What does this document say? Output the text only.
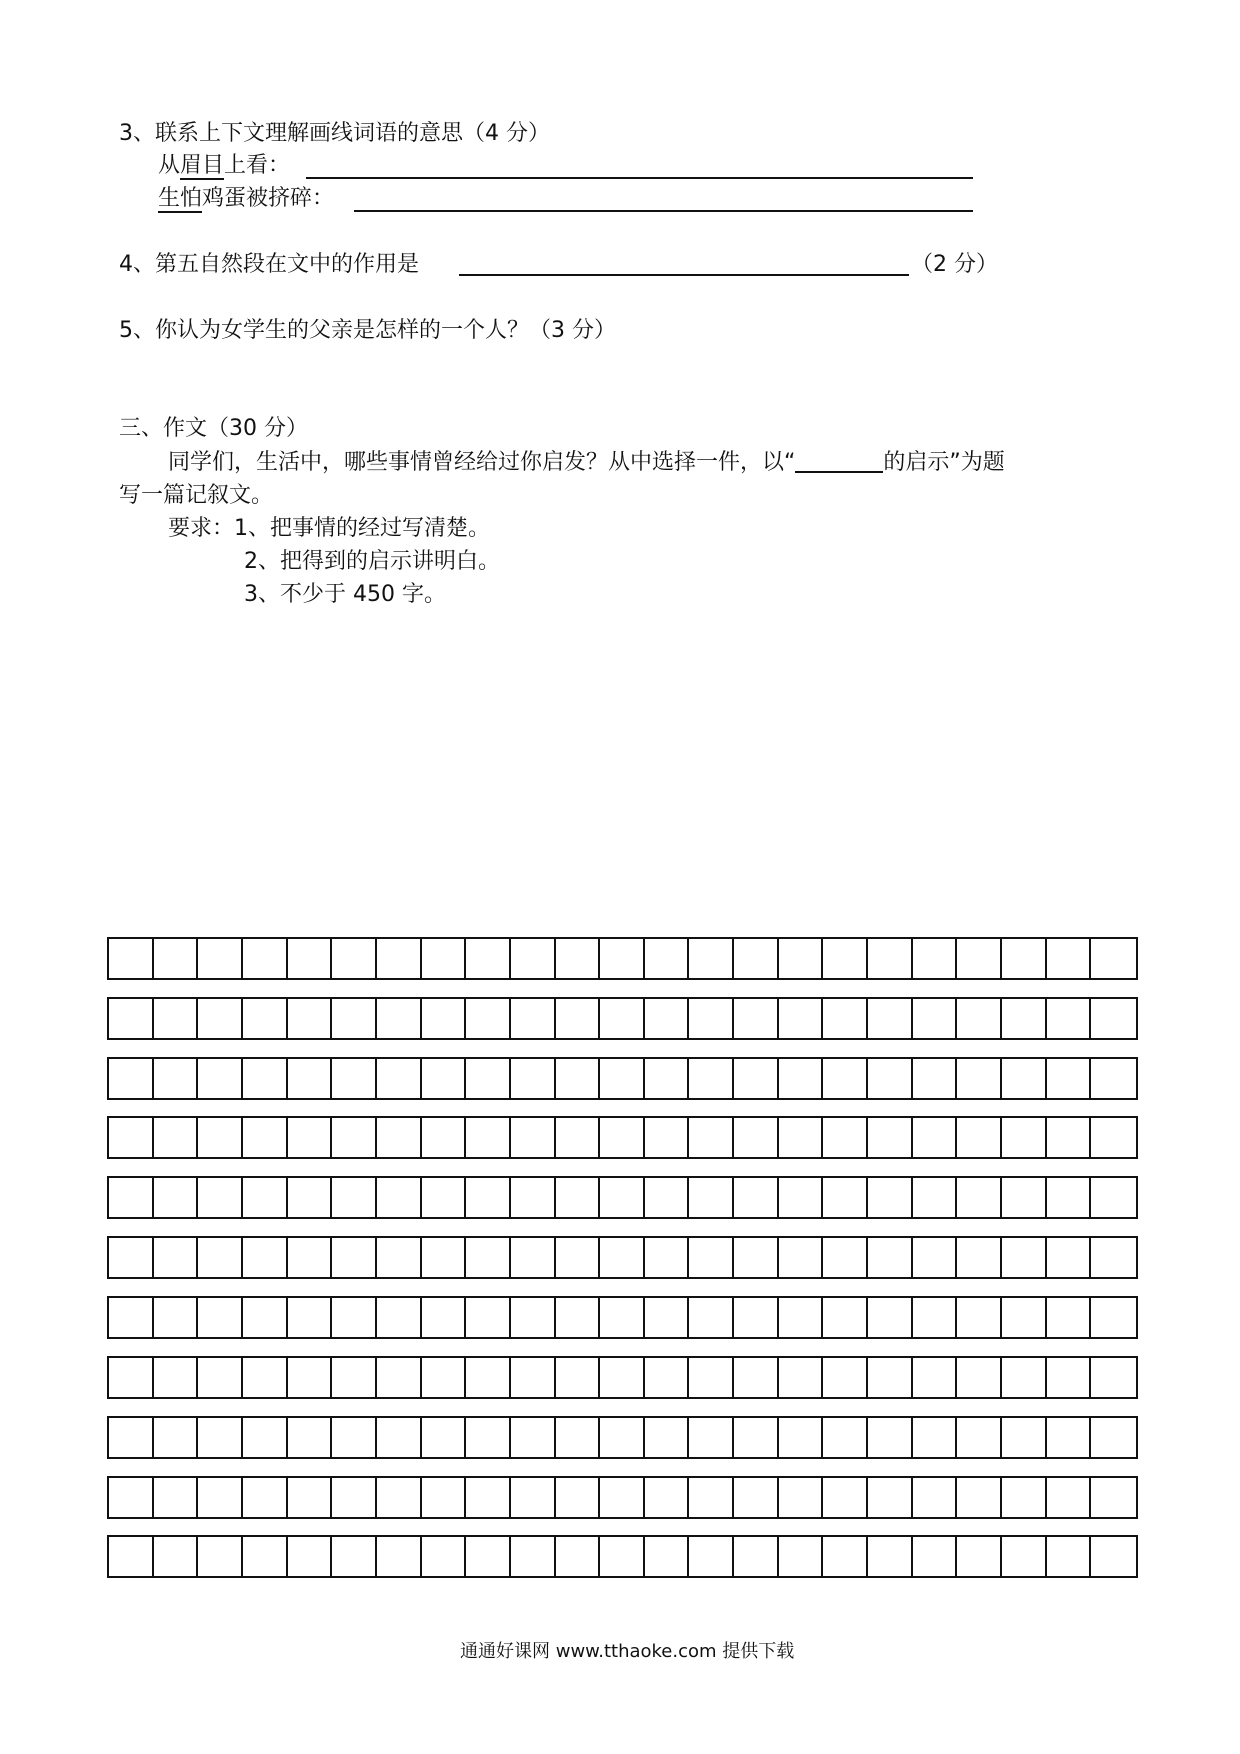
3、联系上下文理解画线词语的意思（4 分）
从眉目上看：
生怕鸡蛋被挤碎：
4、第五自然段在文中的作用是	（2 分）
5、你认为女学生的父亲是怎样的一个人？（3 分）
三、作文（30 分）
同学们，生活中，哪些事情曾经给过你启发？从中选择一件，以“	的启示”为题
写一篇记叙文。
要求：1、把事情的经过写清楚。
2、把得到的启示讲明白。
3、不少于 450 字。
通通好课网 www.tthaoke.com 提供下载
